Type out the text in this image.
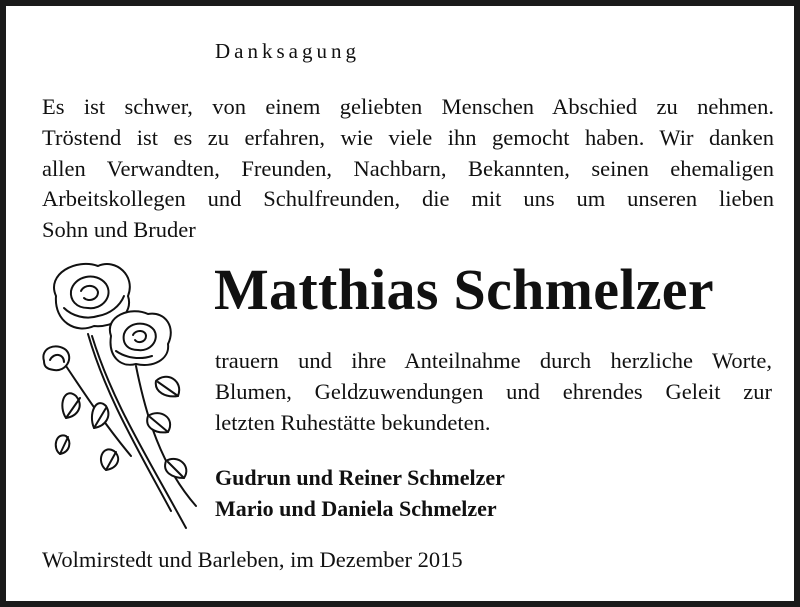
Danksagung
Es ist schwer, von einem geliebten Menschen Abschied zu nehmen.
Tröstend ist es zu erfahren, wie viele ihn gemocht haben. Wir danken
allen Verwandten, Freunden, Nachbarn, Bekannten, seinen ehemaligen
Arbeitskollegen und Schulfreunden, die mit uns um unseren lieben
Sohn und Bruder
Matthias Schmelzer
trauern und ihre Anteilnahme durch herzliche Worte,
Blumen, Geldzuwendungen und ehrendes Geleit zur
letzten Ruhestätte bekundeten.
Gudrun und Reiner Schmelzer
Mario und Daniela Schmelzer
Wolmirstedt und Barleben, im Dezember 2015
